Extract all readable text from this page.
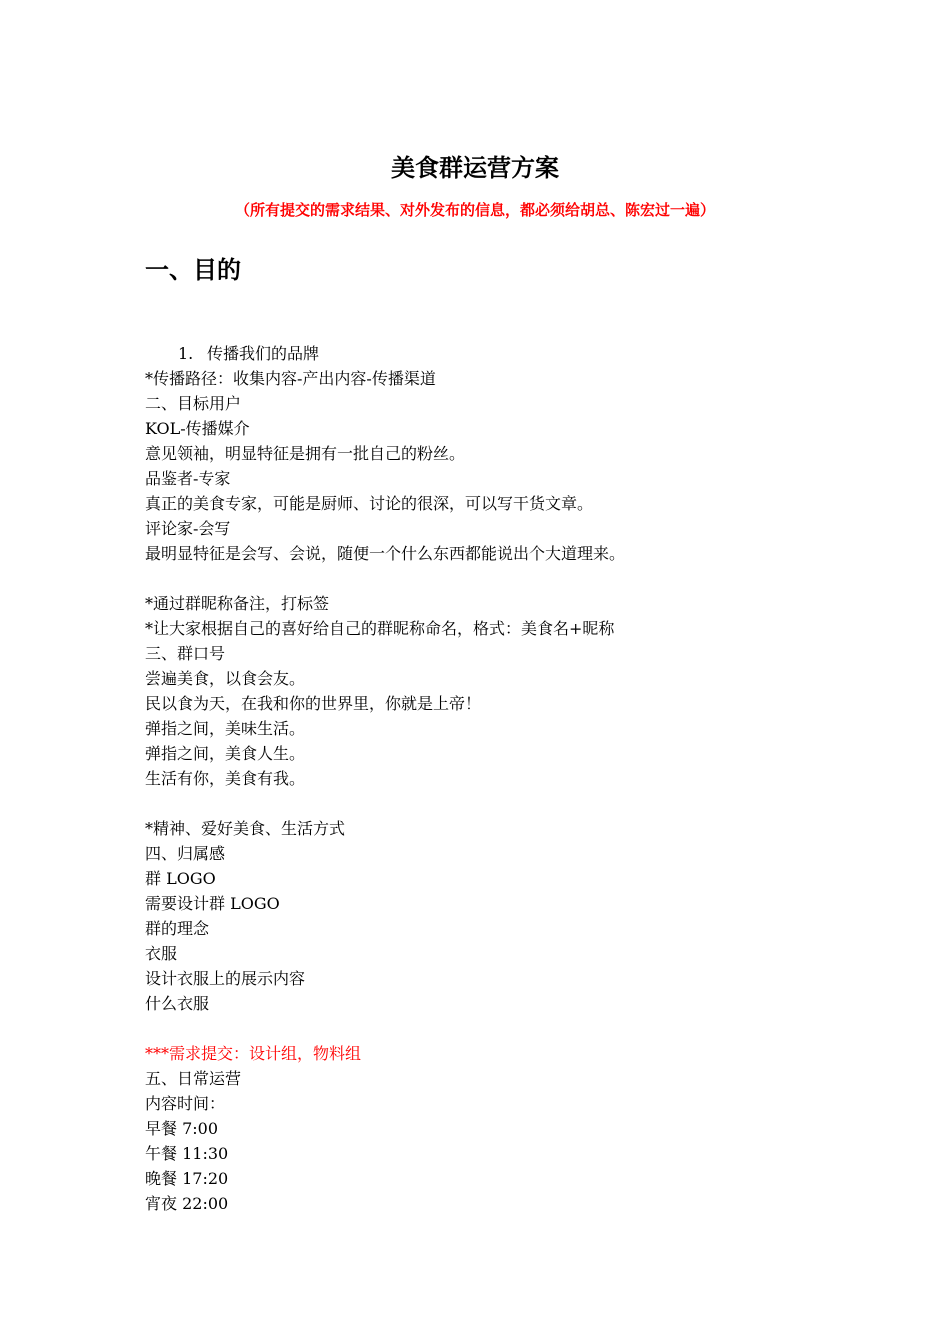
美食群运营方案
（所有提交的需求结果、对外发布的信息，都必须给胡总、陈宏过一遍）
一、目的
1. 传播我们的品牌
*传播路径：收集内容-产出内容-传播渠道
二、目标用户
KOL-传播媒介
意见领袖，明显特征是拥有一批自己的粉丝。
品鉴者-专家
真正的美食专家，可能是厨师、讨论的很深，可以写干货文章。
评论家-会写
最明显特征是会写、会说，随便一个什么东西都能说出个大道理来。
*通过群昵称备注，打标签
*让大家根据自己的喜好给自己的群昵称命名，格式：美食名+昵称
三、群口号
尝遍美食，以食会友。
民以食为天，在我和你的世界里，你就是上帝！
弹指之间，美味生活。
弹指之间，美食人生。
生活有你，美食有我。
*精神、爱好美食、生活方式
四、归属感
群 LOGO
需要设计群 LOGO
群的理念
衣服
设计衣服上的展示内容
什么衣服
***需求提交：设计组，物料组
五、日常运营
内容时间：
早餐 7:00
午餐 11:30
晚餐 17:20
宵夜 22:00
